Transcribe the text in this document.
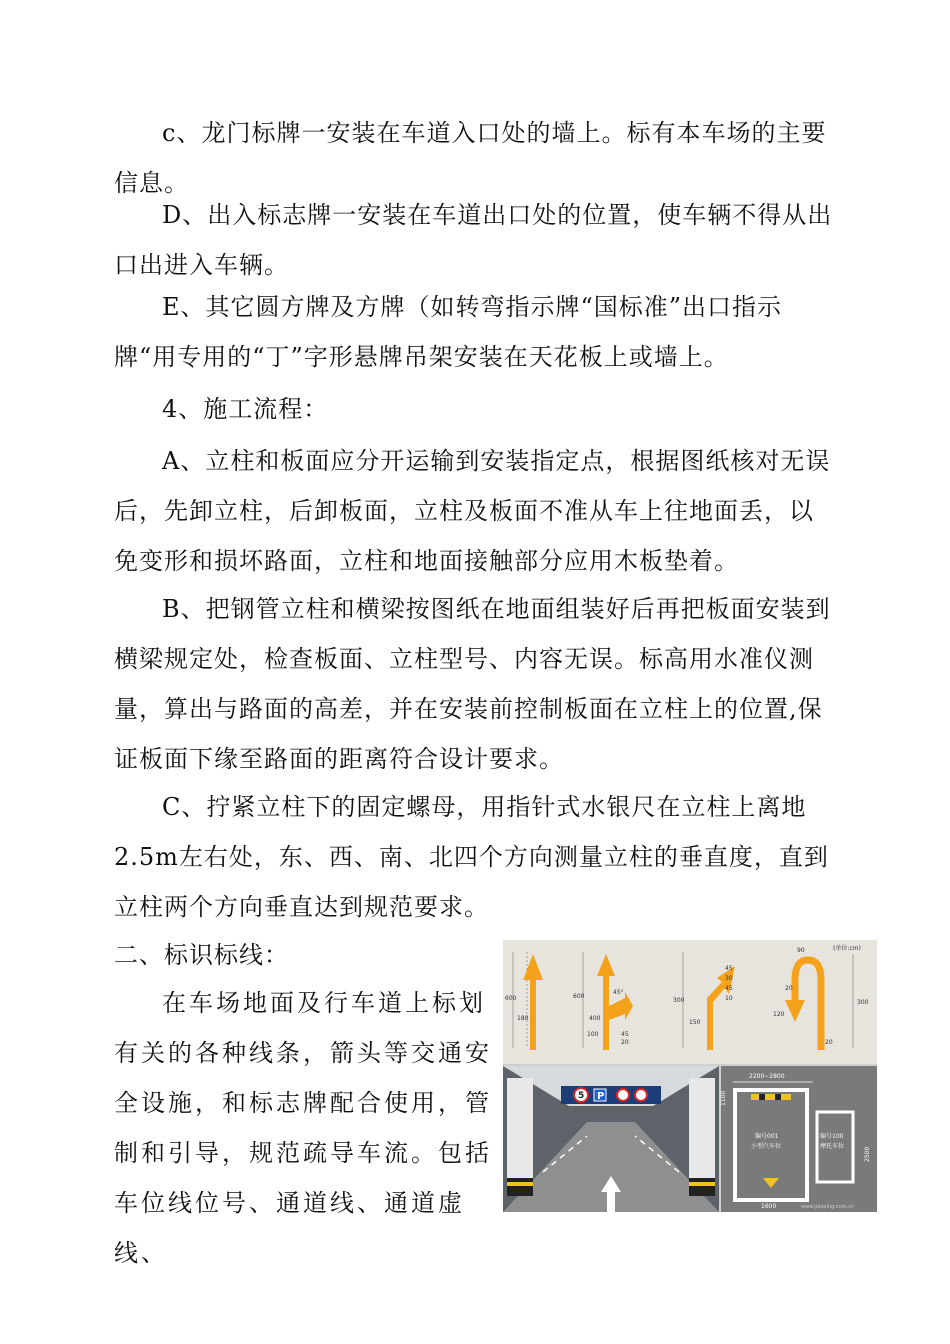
c、龙门标牌一安装在车道入口处的墙上。标有本车场的主要信息。

D、出入标志牌一安装在车道出口处的位置，使车辆不得从出口出进入车辆。

E、其它圆方牌及方牌（如转弯指示牌“国标准”出口指示牌“用专用的“丁”字形悬牌吊架安装在天花板上或墙上。

4、施工流程：

A、立柱和板面应分开运输到安装指定点，根据图纸核对无误后，先卸立柱，后卸板面，立柱及板面不准从车上往地面丢，以免变形和损坏路面，立柱和地面接触部分应用木板垫着。

B、把钢管立柱和横梁按图纸在地面组装好后再把板面安装到横梁规定处，检查板面、立柱型号、内容无误。标高用水准仪测量，算出与路面的高差，并在安装前控制板面在立柱上的位置,保证板面下缘至路面的距离符合设计要求。

C、拧紧立柱下的固定螺母，用指针式水银尺在立柱上离地2.5m左右处，东、西、南、北四个方向测量立柱的垂直度，直到立柱两个方向垂直达到规范要求。

二、标识标线：

在车场地面及行车道上标划有关的各种线条，箭头等交通安全设施，和标志牌配合使用，管制和引导，规范疏导车流。包括车位线位号、通道线、通道虚线、

(单位:cm)
600
180
600
400
45°
100	45
20
300
150
45
30
45
10
90
20
120
300
20
5 P
2200~2800
1100
编号001
小型汽车位
编号100
摩托车位
2500
1600	www.jiaoqing.com.cn
